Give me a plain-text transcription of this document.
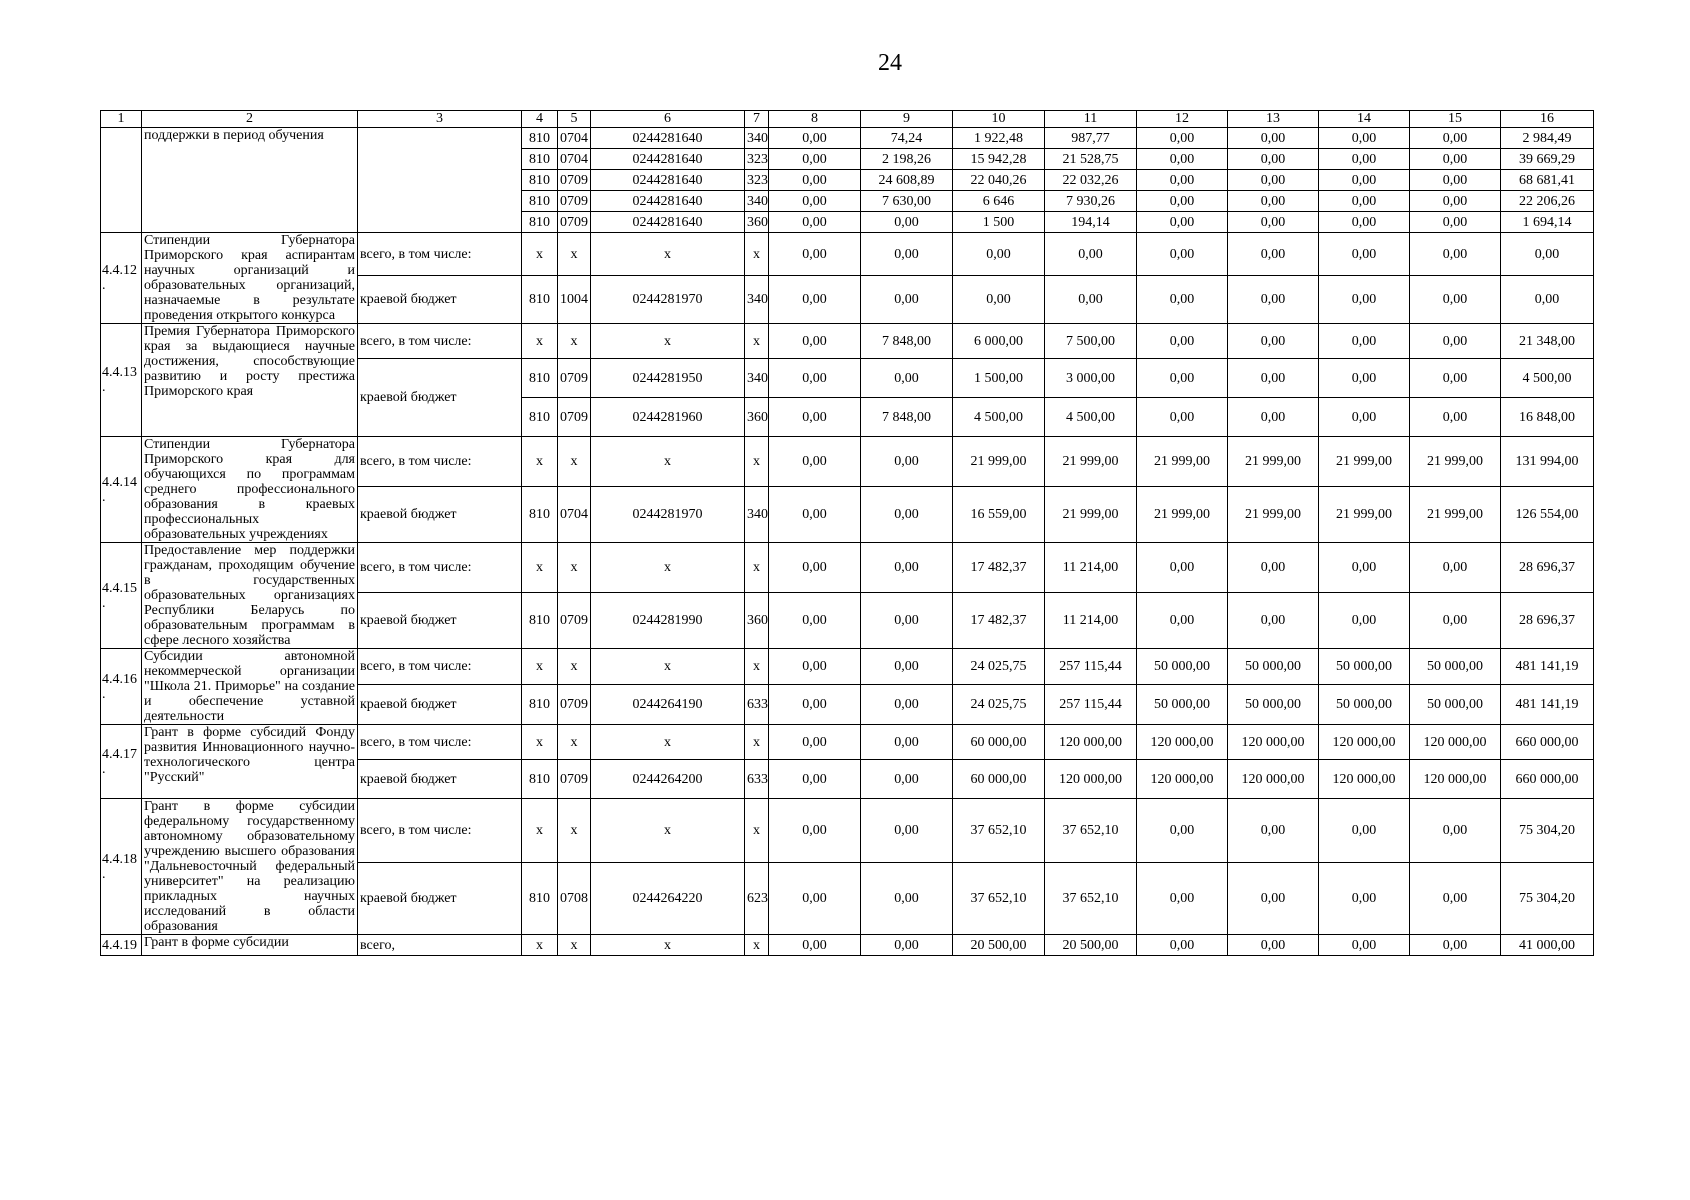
24
1	2	3	4	5	6	7	8	9	10	11	12	13	14	15	16
	поддержки в период обучения		810	0704	0244281640	340	0,00	74,24	1 922,48	987,77	0,00	0,00	0,00	0,00	2 984,49
			810	0704	0244281640	323	0,00	2 198,26	15 942,28	21 528,75	0,00	0,00	0,00	0,00	39 669,29
			810	0709	0244281640	323	0,00	24 608,89	22 040,26	22 032,26	0,00	0,00	0,00	0,00	68 681,41
			810	0709	0244281640	340	0,00	7 630,00	6 646	7 930,26	0,00	0,00	0,00	0,00	22 206,26
			810	0709	0244281640	360	0,00	0,00	1 500	194,14	0,00	0,00	0,00	0,00	1 694,14
4.4.12 .	Стипендии Губернатора Приморского края аспирантам научных организаций и образовательных организаций, назначаемые в результате проведения открытого конкурса	всего, в том числе:	x	x	x	x	0,00	0,00	0,00	0,00	0,00	0,00	0,00	0,00	0,00
		краевой бюджет	810	1004	0244281970	340	0,00	0,00	0,00	0,00	0,00	0,00	0,00	0,00	0,00
4.4.13 .	Премия Губернатора Приморского края за выдающиеся научные достижения, способствующие развитию и росту престижа Приморского края	всего, в том числе:	x	x	x	x	0,00	7 848,00	6 000,00	7 500,00	0,00	0,00	0,00	0,00	21 348,00
		краевой бюджет	810	0709	0244281950	340	0,00	0,00	1 500,00	3 000,00	0,00	0,00	0,00	0,00	4 500,00
			810	0709	0244281960	360	0,00	7 848,00	4 500,00	4 500,00	0,00	0,00	0,00	0,00	16 848,00
4.4.14 .	Стипендии Губернатора Приморского края для обучающихся по программам среднего профессионального образования в краевых профессиональных образовательных учреждениях	всего, в том числе:	x	x	x	x	0,00	0,00	21 999,00	21 999,00	21 999,00	21 999,00	21 999,00	21 999,00	131 994,00
		краевой бюджет	810	0704	0244281970	340	0,00	0,00	16 559,00	21 999,00	21 999,00	21 999,00	21 999,00	21 999,00	126 554,00
4.4.15 .	Предоставление мер поддержки гражданам, проходящим обучение в государственных образовательных организациях Республики Беларусь по образовательным программам в сфере лесного хозяйства	всего, в том числе:	x	x	x	x	0,00	0,00	17 482,37	11 214,00	0,00	0,00	0,00	0,00	28 696,37
		краевой бюджет	810	0709	0244281990	360	0,00	0,00	17 482,37	11 214,00	0,00	0,00	0,00	0,00	28 696,37
4.4.16 .	Субсидии автономной некоммерческой организации "Школа 21. Приморье" на создание и обеспечение уставной деятельности	всего, в том числе:	x	x	x	x	0,00	0,00	24 025,75	257 115,44	50 000,00	50 000,00	50 000,00	50 000,00	481 141,19
		краевой бюджет	810	0709	0244264190	633	0,00	0,00	24 025,75	257 115,44	50 000,00	50 000,00	50 000,00	50 000,00	481 141,19
4.4.17 .	Грант в форме субсидий Фонду развития Инновационного научно-технологического центра "Русский"	всего, в том числе:	x	x	x	x	0,00	0,00	60 000,00	120 000,00	120 000,00	120 000,00	120 000,00	120 000,00	660 000,00
		краевой бюджет	810	0709	0244264200	633	0,00	0,00	60 000,00	120 000,00	120 000,00	120 000,00	120 000,00	120 000,00	660 000,00
4.4.18 .	Грант в форме субсидии федеральному государственному автономному образовательному учреждению высшего образования "Дальневосточный федеральный университет" на реализацию прикладных научных исследований в области образования	всего, в том числе:	x	x	x	x	0,00	0,00	37 652,10	37 652,10	0,00	0,00	0,00	0,00	75 304,20
		краевой бюджет	810	0708	0244264220	623	0,00	0,00	37 652,10	37 652,10	0,00	0,00	0,00	0,00	75 304,20
4.4.19	Грант в форме субсидии	всего,	x	x	x	x	0,00	0,00	20 500,00	20 500,00	0,00	0,00	0,00	0,00	41 000,00
